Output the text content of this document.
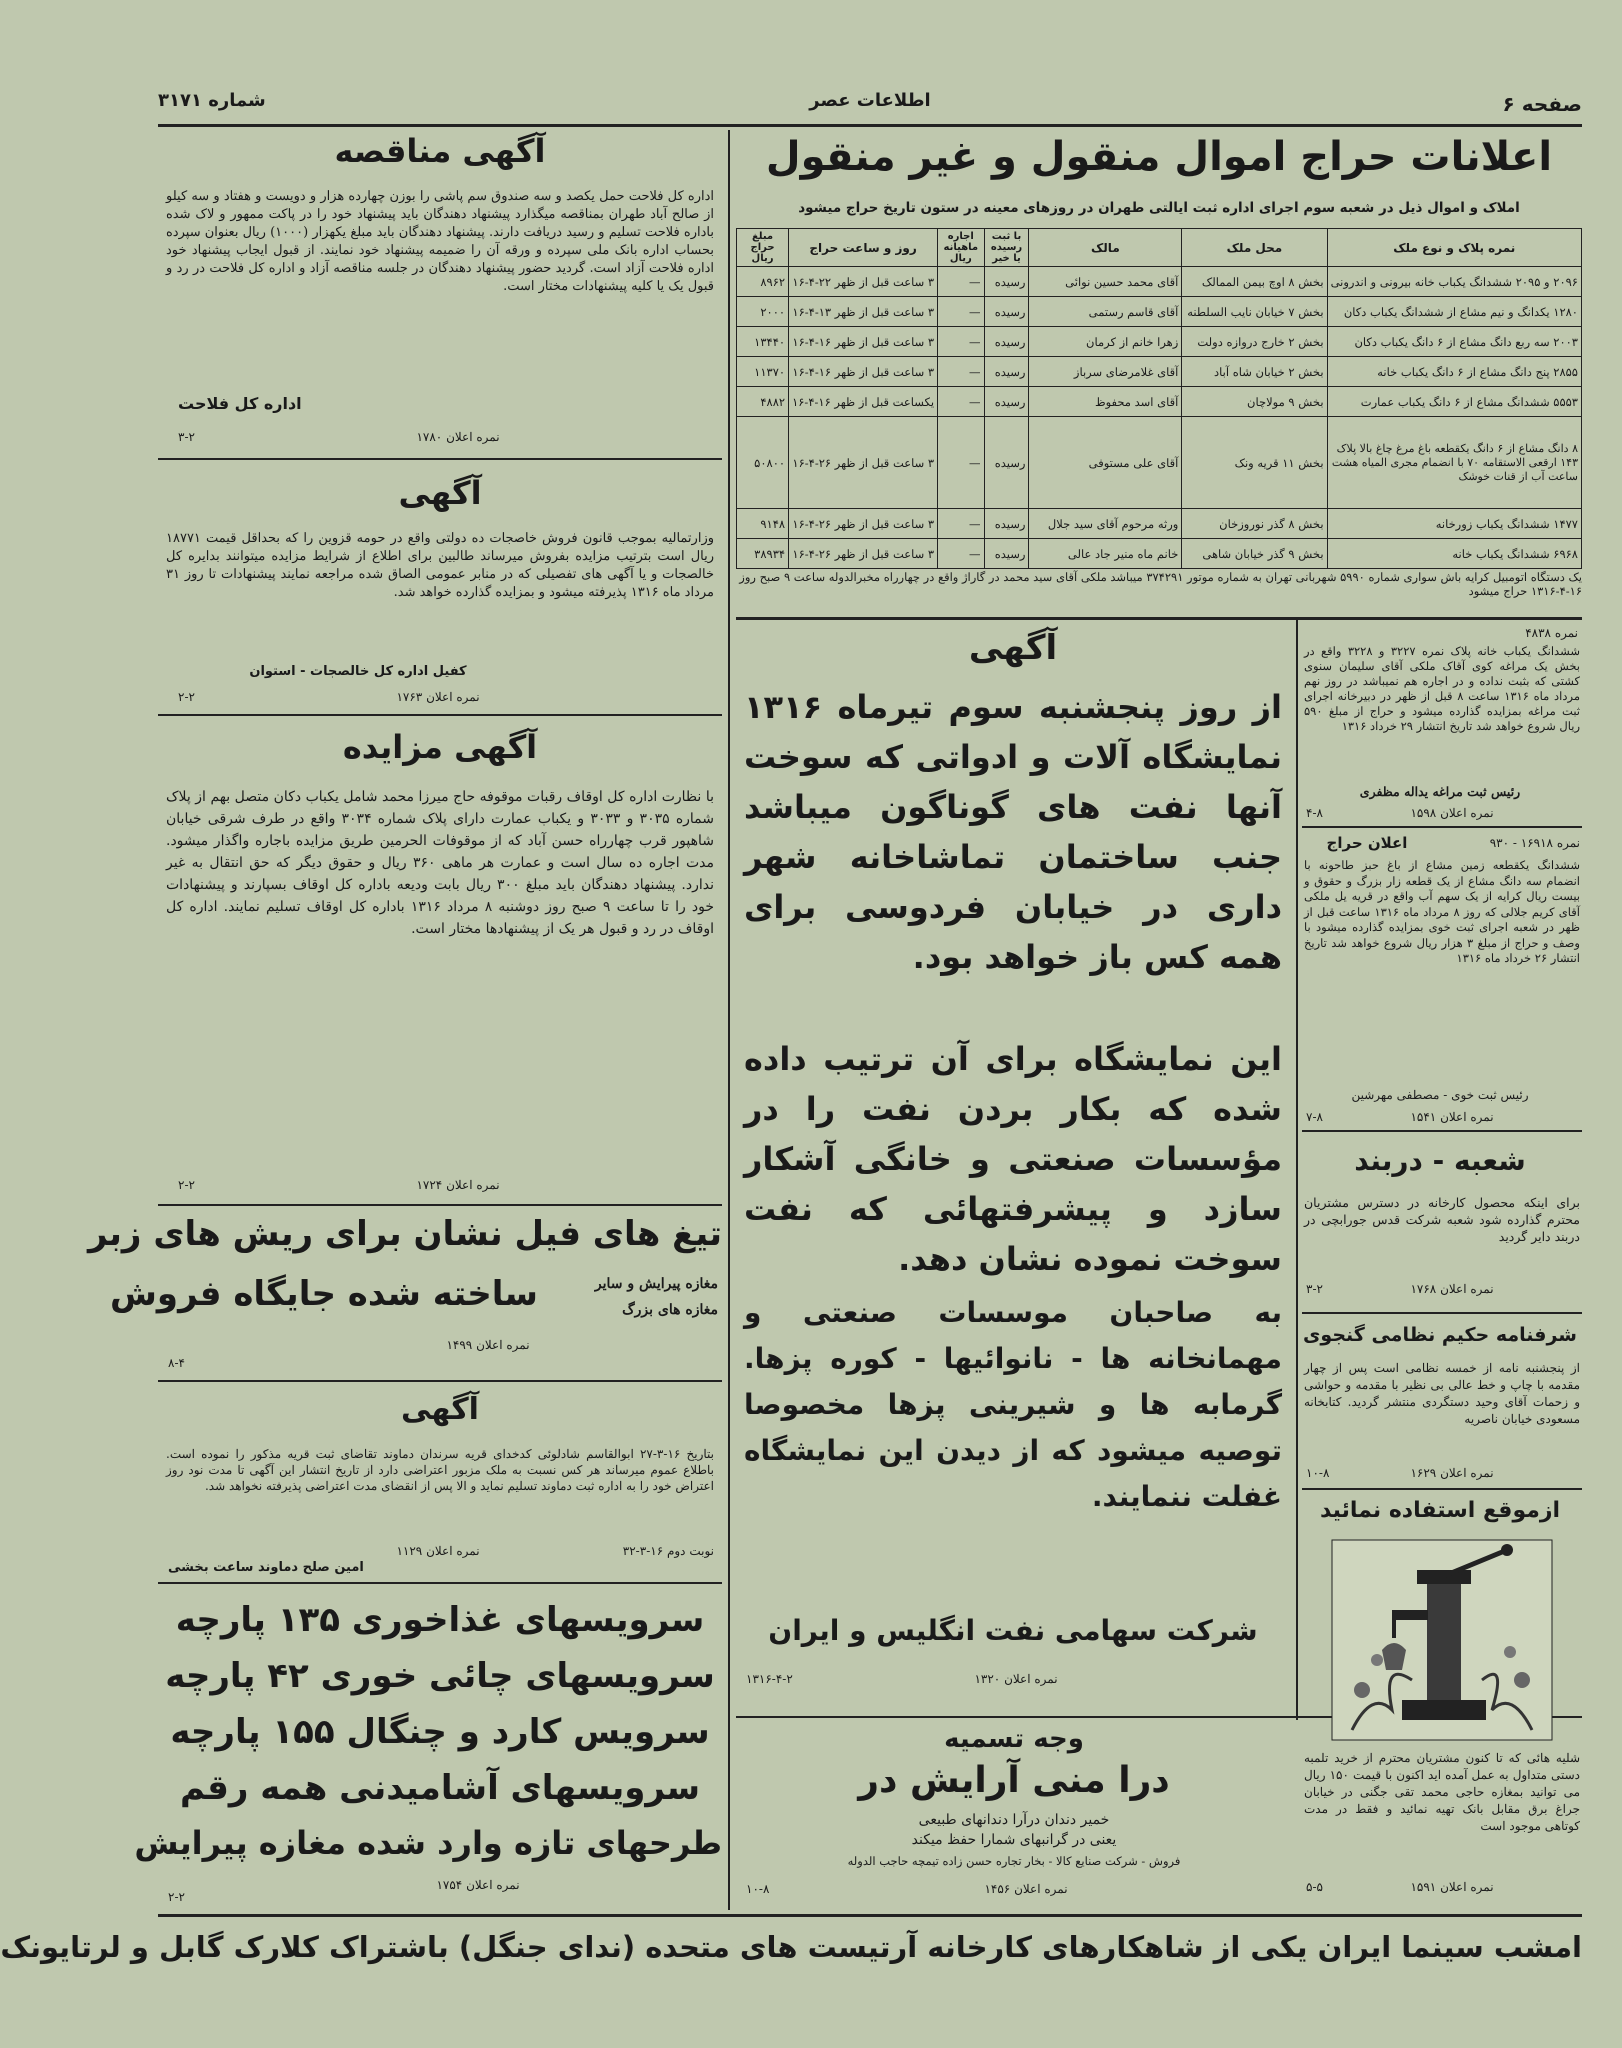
صفحه ۶
اطلاعات عصر
شماره ۳۱۷۱
اعلانات حراج اموال منقول و غیر منقول
املاک و اموال ذیل در شعبه سوم اجرای اداره ثبت ایالتی طهران در روزهای معینه در ستون تاریخ حراج میشود
نمره پلاک و نوع ملک	محل ملک	مالک	با ثبت رسیده یا خیر	اجاره ماهیانه ریال	روز و ساعت حراج	مبلغ حراج ریال
۲۰۹۶ و ۲۰۹۵ ششدانگ یکباب خانه بیرونی و اندرونی	بخش ۸ اوچ بیمن الممالک	آقای محمد حسین نوائی	رسیده	—	۳ ساعت قبل از ظهر ۲۲-۴-۱۶	۸۹۶۲
۱۲۸۰ یکدانگ و نیم مشاع از ششدانگ یکباب دکان	بخش ۷ خیابان نایب السلطنه	آقای قاسم رستمی	رسیده	—	۳ ساعت قبل از ظهر ۱۳-۴-۱۶	۲۰۰۰
۲۰۰۳ سه ربع دانگ مشاع از ۶ دانگ یکباب دکان	بخش ۲ خارج دروازه دولت	زهرا خانم از کرمان	رسیده	—	۳ ساعت قبل از ظهر ۱۶-۴-۱۶	۱۳۴۴۰
۲۸۵۵ پنج دانگ مشاع از ۶ دانگ یکباب خانه	بخش ۲ خیابان شاه آباد	آقای غلامرضای سرباز	رسیده	—	۳ ساعت قبل از ظهر ۱۶-۴-۱۶	۱۱۳۷۰
۵۵۵۳ ششدانگ مشاع از ۶ دانگ یکباب عمارت	بخش ۹ مولاچان	آقای اسد محفوظ	رسیده	—	یکساعت قبل از ظهر ۱۶-۴-۱۶	۴۸۸۲
۸ دانگ مشاع از ۶ دانگ یکقطعه باغ مرغ چاغ بالا پلاک ۱۴۳ ارقعی الاستقامه ۷۰ با انضمام مجری المیاه هشت ساعت آب از قنات خوشک	بخش ۱۱ قریه ونک	آقای علی مستوفی	رسیده	—	۳ ساعت قبل از ظهر ۲۶-۴-۱۶	۵۰۸۰۰
۱۴۷۷ ششدانگ یکباب زورخانه	بخش ۸ گذر نوروزخان	ورثه مرحوم آقای سید جلال	رسیده	—	۳ ساعت قبل از ظهر ۲۶-۴-۱۶	۹۱۴۸
۶۹۶۸ ششدانگ یکباب خانه	بخش ۹ گذر خیابان شاهی	خانم ماه منیر جاد عالی	رسیده	—	۳ ساعت قبل از ظهر ۲۶-۴-۱۶	۳۸۹۳۴
یک دستگاه اتومبیل کرایه باش سواری شماره ۵۹۹۰ شهربانی تهران به شماره موتور ۳۷۴۲۹۱ میباشد ملکی آقای سید محمد در گاراژ واقع در چهارراه مخبرالدوله ساعت ۹ صبح روز ۱۶-۴-۱۳۱۶ حراج میشود
آگهی مناقصه
اداره کل فلاحت حمل یکصد و سه صندوق سم پاشی را بوزن چهارده هزار و دویست و هفتاد و سه کیلو از صالح آباد طهران بمناقصه میگذارد پیشنهاد دهندگان باید پیشنهاد خود را در پاکت ممهور و لاک شده باداره فلاحت تسلیم و رسید دریافت دارند. پیشنهاد دهندگان باید مبلغ یکهزار (۱۰۰۰) ریال بعنوان سپرده بحساب اداره بانک ملی سپرده و ورقه آن را ضمیمه پیشنهاد خود نمایند. از قبول ایجاب پیشنهاد خود اداره فلاحت آزاد است. گردید حضور پیشنهاد دهندگان در جلسه مناقصه آزاد و اداره کل فلاحت در رد و قبول یک یا کلیه پیشنهادات مختار است.
اداره کل فلاحت
نمره اعلان ۱۷۸۰
۳-۲
آگهی
وزارتمالیه بموجب قانون فروش خاصجات ده دولتی واقع در حومه قزوین را که بحداقل قیمت ۱۸۷۷۱ ریال است بترتیب مزایده بفروش میرساند طالبین برای اطلاع از شرایط مزایده میتوانند بدایره کل خالصجات و یا آگهی های تفصیلی که در منابر عمومی الصاق شده مراجعه نمایند پیشنهادات تا روز ۳۱ مرداد ماه ۱۳۱۶ پذیرفته میشود و بمزایده گذارده خواهد شد.
کفیل اداره کل خالصجات - استوان
نمره اعلان ۱۷۶۳
۲-۲
آگهی مزایده
با نظارت اداره کل اوقاف رقبات موقوفه حاج میرزا محمد شامل یکباب دکان متصل بهم از پلاک شماره ۳۰۳۵ و ۳۰۳۳ و یکباب عمارت دارای پلاک شماره ۳۰۳۴ واقع در طرف شرقی خیابان شاهپور قرب چهارراه حسن آباد که از موقوفات الحرمین طریق مزایده باجاره واگذار میشود. مدت اجاره ده سال است و عمارت هر ماهی ۳۶۰ ریال و حقوق دیگر که حق انتقال به غیر ندارد. پیشنهاد دهندگان باید مبلغ ۳۰۰ ریال بابت ودیعه باداره کل اوقاف بسپارند و پیشنهادات خود را تا ساعت ۹ صبح روز دوشنبه ۸ مرداد ۱۳۱۶ باداره کل اوقاف تسلیم نمایند. اداره کل اوقاف در رد و قبول هر یک از پیشنهادها مختار است.
نمره اعلان ۱۷۲۴
۲-۲
تیغ های فیل نشان برای ریش های زبر
ساخته شده جایگاه فروش	مغازه پیرایش و سایر
مغازه های بزرگ
نمره اعلان ۱۴۹۹
۸-۴
آگهی
بتاریخ ۱۶-۳-۲۷ ابوالقاسم شادلوئی کدخدای قریه سرندان دماوند تقاضای ثبت قریه مذکور را نموده است. باطلاع عموم میرساند هر کس نسبت به ملک مزبور اعتراضی دارد از تاریخ انتشار این آگهی تا مدت نود روز اعتراض خود را به اداره ثبت دماوند تسلیم نماید و الا پس از انقضای مدت اعتراضی پذیرفته نخواهد شد.
نوبت دوم ۱۶-۳-۳۲
نمره اعلان ۱۱۲۹
امین صلح دماوند ساعت بخشی
سرویسهای غذاخوری ۱۳۵ پارچه
سرویسهای چائی خوری ۴۲ پارچه
سرویس کارد و چنگال ۱۵۵ پارچه
سرویسهای آشامیدنی همه رقم
طرحهای تازه وارد شده مغازه پیرایش
نمره اعلان ۱۷۵۴
۲-۲
آگهی
از روز پنجشنبه سوم تیرماه ۱۳۱۶ نمایشگاه آلات و ادواتی که سوخت آنها نفت های گوناگون میباشد جنب ساختمان تماشاخانه شهر داری در خیابان فردوسی برای همه کس باز خواهد بود.
این نمایشگاه برای آن ترتیب داده شده که بکار بردن نفت را در مؤسسات صنعتی و خانگی آشکار سازد و پیشرفتهائی که نفت سوخت نموده نشان دهد.
به صاحبان موسسات صنعتی و مهمانخانه ها - نانوائیها - کوره پزها. گرمابه ها و شیرینی پزها مخصوصا توصیه میشود که از دیدن این نمایشگاه غفلت ننمایند.
شرکت سهامی نفت انگلیس و ایران
نمره اعلان ۱۳۲۰
۱۳۱۶-۴-۲
وجه تسمیه
درا منی آرایش در
خمیر دندان درآرا دندانهای طبیعی
یعنی در گرانبهای شمارا حفظ میکند
فروش - شرکت صنایع کالا - بخار تجاره حسن زاده تیمچه حاجب الدوله
نمره اعلان ۱۴۵۶
۱۰-۸
نمره ۴۸۳۸
ششدانگ یکباب خانه پلاک نمره ۳۲۲۷ و ۳۲۲۸ واقع در بخش یک مراغه کوی آقاک ملکی آقای سلیمان سنوی کشتی که بثبت نداده و در اجاره هم نمیباشد در روز نهم مرداد ماه ۱۳۱۶ ساعت ۸ قبل از ظهر در دبیرخانه اجرای ثبت مراغه بمزایده گذارده میشود و حراج از مبلغ ۵۹۰ ریال شروع خواهد شد تاریخ انتشار ۲۹ خرداد ۱۳۱۶
رئیس ثبت مراغه یداله مظفری
نمره اعلان ۱۵۹۸
۴-۸
نمره ۱۶۹۱۸ - ۹۳۰
اعلان حراج
ششدانگ یکقطعه زمین مشاع از باغ حبز طاحونه با انضمام سه دانگ مشاع از یک قطعه زار بزرگ و حقوق و بیست ریال کرایه از یک سهم آب واقع در قریه یل ملکی آقای کریم جلالی که روز ۸ مرداد ماه ۱۳۱۶ ساعت قبل از ظهر در شعبه اجرای ثبت خوی بمزایده گذارده میشود با وصف و حراج از مبلغ ۳ هزار ریال شروع خواهد شد تاریخ انتشار ۲۶ خرداد ماه ۱۳۱۶
رئیس ثبت خوی - مصطفی مهرشین
نمره اعلان ۱۵۴۱
۷-۸
شعبه - دربند
برای اینکه محصول کارخانه در دسترس مشتریان محترم گذارده شود شعبه شرکت قدس جورابچی در دربند دایر گردید
نمره اعلان ۱۷۶۸
۳-۲
شرفنامه حکیم نظامی گنجوی
از پنجشنبه نامه از خمسه نظامی است پس از چهار مقدمه با چاپ و خط عالی بی نظیر با مقدمه و حواشی و زحمات آقای وحید دستگردی منتشر گردید. کتابخانه مسعودی خیابان ناصریه
نمره اعلان ۱۶۲۹
۱۰-۸
ازموقع استفاده نمائید
شلیه هائی که تا کنون مشتریان محترم از خرید تلمبه دستی متداول به عمل آمده اید اکنون با قیمت ۱۵۰ ریال می توانید بمغازه حاجی محمد تقی جگنی در خیابان جراغ برق مقابل بانک تهیه نمائید و فقط در مدت کوتاهی موجود است
نمره اعلان ۱۵۹۱
۵-۵
امشب سینما ایران یکی از شاهکارهای کارخانه آرتیست های متحده (ندای جنگل) باشتراک کلارک گابل و لرتایونک
